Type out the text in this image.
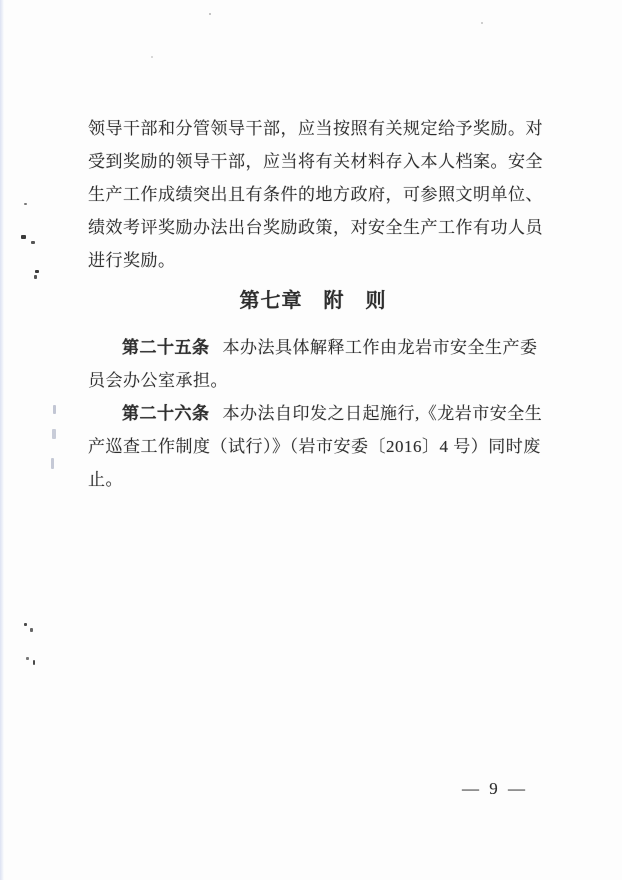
领导干部和分管领导干部，应当按照有关规定给予奖励。对

受到奖励的领导干部，应当将有关材料存入本人档案。安全

生产工作成绩突出且有条件的地方政府，可参照文明单位、

绩效考评奖励办法出台奖励政策，对安全生产工作有功人员

进行奖励。

第七章　附　则

第二十五条 本办法具体解释工作由龙岩市安全生产委

员会办公室承担。

第二十六条 本办法自印发之日起施行,《龙岩市安全生

产巡查工作制度（试行）》（岩市安委〔2016〕4 号）同时废

止。

— 9 —
